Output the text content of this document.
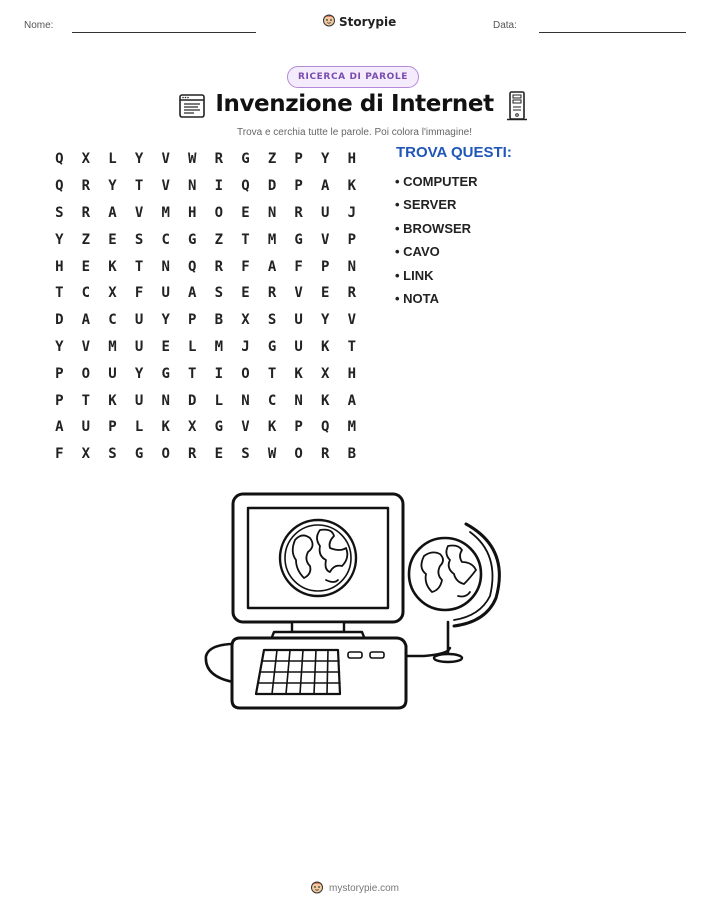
Nome:	Storypie	Data:
RICERCA DI PAROLE
Invenzione di Internet
Trova e cerchia tutte le parole. Poi colora l'immagine!
Q	X	L	Y	V	W	R	G	Z	P	Y	H
Q	R	Y	T	V	N	I	Q	D	P	A	K
S	R	A	V	M	H	O	E	N	R	U	J
Y	Z	E	S	C	G	Z	T	M	G	V	P
H	E	K	T	N	Q	R	F	A	F	P	N
T	C	X	F	U	A	S	E	R	V	E	R
D	A	C	U	Y	P	B	X	S	U	Y	V
Y	V	M	U	E	L	M	J	G	U	K	T
P	O	U	Y	G	T	I	O	T	K	X	H
P	T	K	U	N	D	L	N	C	N	K	A
A	U	P	L	K	X	G	V	K	P	Q	M
F	X	S	G	O	R	E	S	W	O	R	B
TROVA QUESTI:
• COMPUTER
• SERVER
• BROWSER
• CAVO
• LINK
• NOTA
mystorypie.com
